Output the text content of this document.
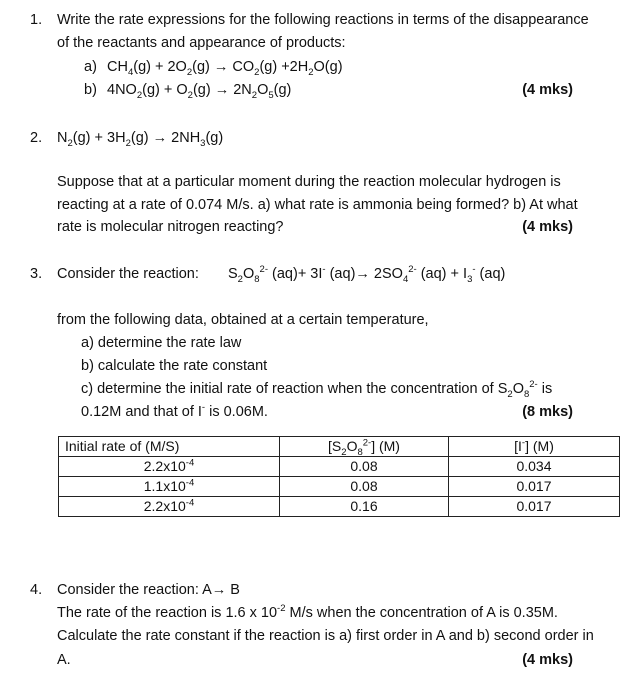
1. Write the rate expressions for the following reactions in terms of the disappearance
of the reactants and appearance of products:
a) $CH_4(g) + 2O_2(g) \to CO_2(g) +2H_2O(g)$
b) $4NO_2(g) + O_2(g) \to 2N_2O_5(g)$	(4 mks)
2. $N_2(g) + 3H_2(g) \to 2NH_3(g)$
Suppose that at a particular moment during the reaction molecular hydrogen is
reacting at a rate of 0.074 M/s. a) what rate is ammonia being formed? b) At what
rate is molecular nitrogen reacting?	(4 mks)
3. Consider the reaction: $S_2O_8^{2-}$ (aq)+ 3I- $(aq)\to 2SO_4^{2-}$ $(aq) + I_3^-$ (aq)
from the following data, obtained at a certain temperature,
a) determine the rate law
b) calculate the rate constant
c) determine the initial rate of reaction when the concentration of $S_2O_8^{2-}$ is
0.12M and that of I- is 0.06M.	(8 mks)
Initial rate of (M/S)	$[S_2O_8^{2-}]$ (M)	[I-] (M)
$2.2x10^{-4}$	0.08	0.034
$1.1x10^{-4}$	0.08	0.017
$2.2x10^{-4}$	0.16	0.017
4. Consider the reaction: A→ B
The rate of the reaction is 1.6 x $10^{-2}$ M/s when the concentration of A is 0.35M.
Calculate the rate constant if the reaction is a) first order in A and b) second order in
A.	(4 mks)
